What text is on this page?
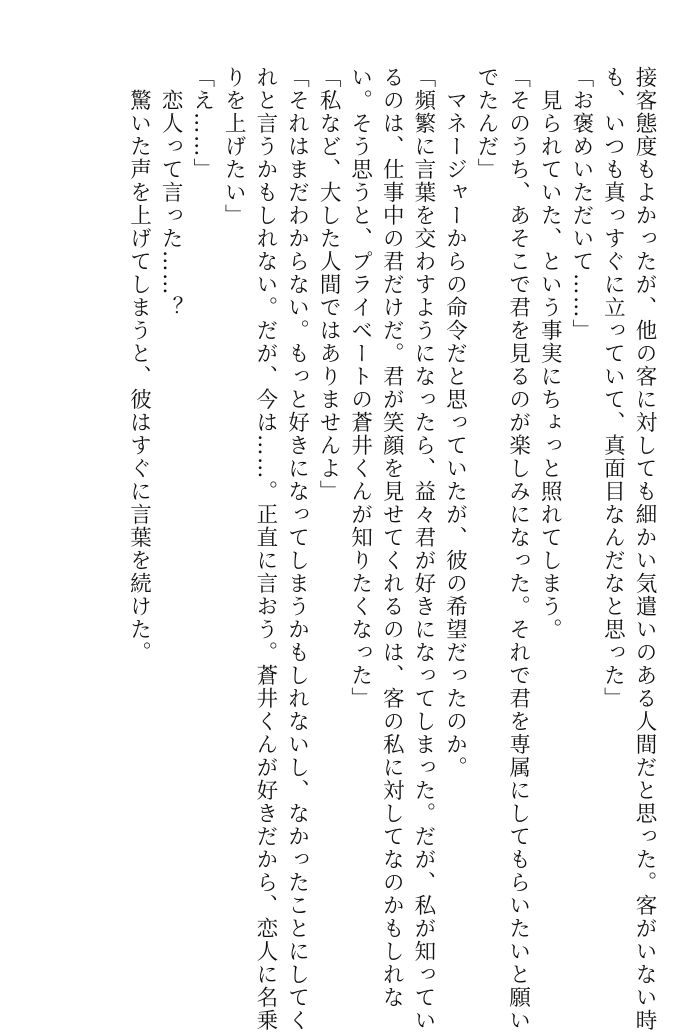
接客態度もよかったが、他の客に対しても細かい気遣いのある人間だと思った。客がいない時
も、いつも真っすぐに立っていて、真面目なんだなと思った」
「お褒めいただいて……」
　見られていた、という事実にちょっと照れてしまう。
「そのうち、あそこで君を見るのが楽しみになった。それで君を専属にしてもらいたいと願い
でたんだ」
　マネージャーからの命令だと思っていたが、彼の希望だったのか。
「頻繁に言葉を交わすようになったら、益々君が好きになってしまった。だが、私が知ってい
るのは、仕事中の君だけだ。君が笑顔を見せてくれるのは、客の私に対してなのかもしれな
い。そう思うと、プライベートの蒼井くんが知りたくなった」
「私など、大した人間ではありませんよ」
「それはまだわからない。もっと好きになってしまうかもしれないし、なかったことにしてく
れと言うかもしれない。だが、今は……。正直に言おう。蒼井くんが好きだから、恋人に名乗
りを上げたい」
「え……」
　恋人って言った……？
　驚いた声を上げてしまうと、彼はすぐに言葉を続けた。
